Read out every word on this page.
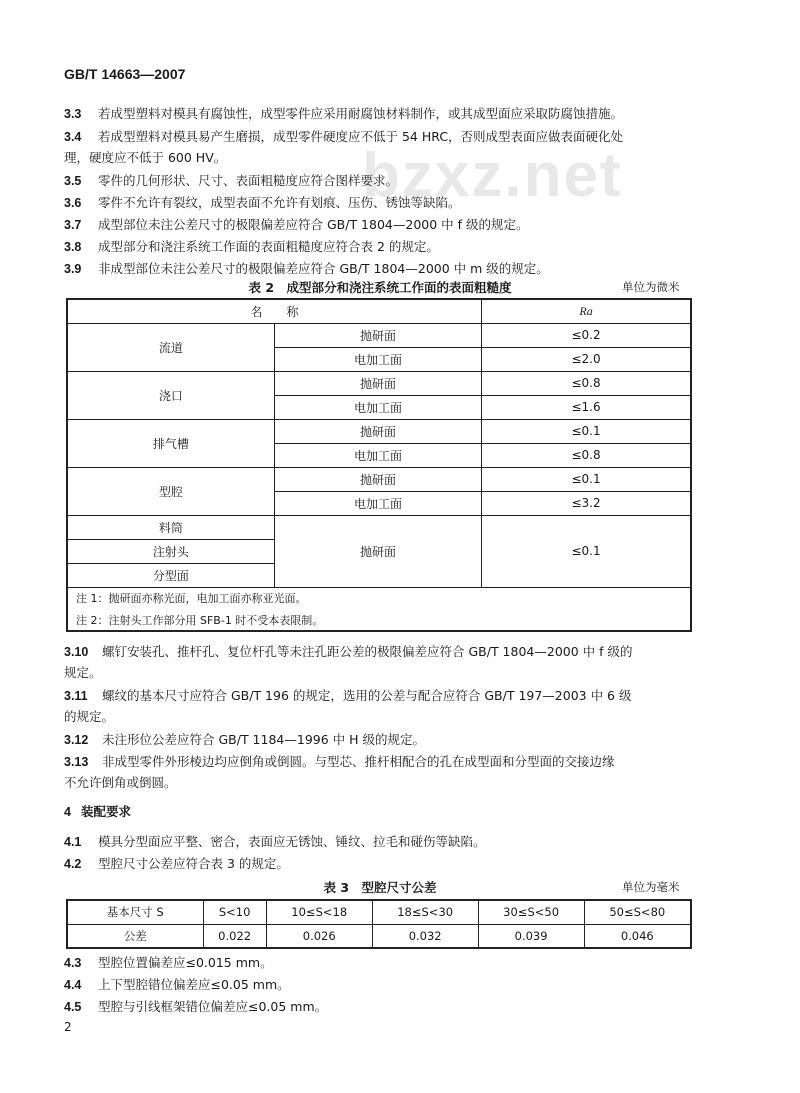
GB/T 14663—2007
bzxz.net
3.3 若成型塑料对模具有腐蚀性，成型零件应采用耐腐蚀材料制作，或其成型面应采取防腐蚀措施。
3.4 若成型塑料对模具易产生磨损，成型零件硬度应不低于 54 HRC，否则成型表面应做表面硬化处
理，硬度应不低于 600 HV。
3.5 零件的几何形状、尺寸、表面粗糙度应符合图样要求。
3.6 零件不允许有裂纹，成型表面不允许有划痕、压伤、锈蚀等缺陷。
3.7 成型部位未注公差尺寸的极限偏差应符合 GB/T 1804—2000 中 f 级的规定。
3.8 成型部分和浇注系统工作面的表面粗糙度应符合表 2 的规定。
3.9 非成型部位未注公差尺寸的极限偏差应符合 GB/T 1804—2000 中 m 级的规定。
表 2　成型部分和浇注系统工作面的表面粗糙度	单位为微米
名　　称		Ra
流道	抛研面	≤0.2
	电加工面	≤2.0
浇口	抛研面	≤0.8
	电加工面	≤1.6
排气槽	抛研面	≤0.1
	电加工面	≤0.8
型腔	抛研面	≤0.1
	电加工面	≤3.2
料筒	抛研面	≤0.1
注射头		
分型面		
注 1：抛研面亦称光面，电加工面亦称亚光面。		
注 2：注射头工作部分用 SFB-1 时不受本表限制。		
3.10 螺钉安装孔、推杆孔、复位杆孔等未注孔距公差的极限偏差应符合 GB/T 1804—2000 中 f 级的
规定。
3.11 螺纹的基本尺寸应符合 GB/T 196 的规定，选用的公差与配合应符合 GB/T 197—2003 中 6 级
的规定。
3.12 未注形位公差应符合 GB/T 1184—1996 中 H 级的规定。
3.13 非成型零件外形棱边均应倒角或倒圆。与型芯、推杆相配合的孔在成型面和分型面的交接边缘
不允许倒角或倒圆。
4 装配要求
4.1 模具分型面应平整、密合，表面应无锈蚀、锤纹、拉毛和碰伤等缺陷。
4.2 型腔尺寸公差应符合表 3 的规定。
表 3　型腔尺寸公差	单位为毫米
基本尺寸 S	S<10	10≤S<18	18≤S<30	30≤S<50	50≤S<80
公差	0.022	0.026	0.032	0.039	0.046
4.3 型腔位置偏差应≤0.015 mm。
4.4 上下型腔错位偏差应≤0.05 mm。
4.5 型腔与引线框架错位偏差应≤0.05 mm。
2
